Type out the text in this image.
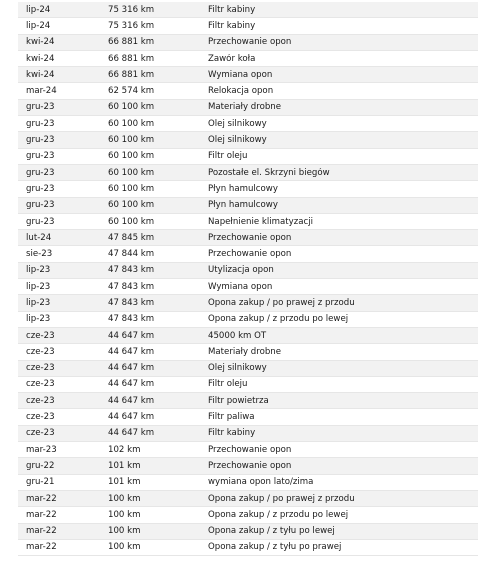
lip-24	75 316 km	Filtr kabiny
lip-24	75 316 km	Filtr kabiny
kwi-24	66 881 km	Przechowanie opon
kwi-24	66 881 km	Zawór koła
kwi-24	66 881 km	Wymiana opon
mar-24	62 574 km	Relokacja opon
gru-23	60 100 km	Materiały drobne
gru-23	60 100 km	Olej silnikowy
gru-23	60 100 km	Olej silnikowy
gru-23	60 100 km	Filtr oleju
gru-23	60 100 km	Pozostałe el. Skrzyni biegów
gru-23	60 100 km	Płyn hamulcowy
gru-23	60 100 km	Płyn hamulcowy
gru-23	60 100 km	Napełnienie klimatyzacji
lut-24	47 845 km	Przechowanie opon
sie-23	47 844 km	Przechowanie opon
lip-23	47 843 km	Utylizacja opon
lip-23	47 843 km	Wymiana opon
lip-23	47 843 km	Opona zakup / po prawej z przodu
lip-23	47 843 km	Opona zakup / z przodu po lewej
cze-23	44 647 km	45000 km OT
cze-23	44 647 km	Materiały drobne
cze-23	44 647 km	Olej silnikowy
cze-23	44 647 km	Filtr oleju
cze-23	44 647 km	Filtr powietrza
cze-23	44 647 km	Filtr paliwa
cze-23	44 647 km	Filtr kabiny
mar-23	102 km	Przechowanie opon
gru-22	101 km	Przechowanie opon
gru-21	101 km	wymiana opon lato/zima
mar-22	100 km	Opona zakup / po prawej z przodu
mar-22	100 km	Opona zakup / z przodu po lewej
mar-22	100 km	Opona zakup / z tyłu po lewej
mar-22	100 km	Opona zakup / z tyłu po prawej
